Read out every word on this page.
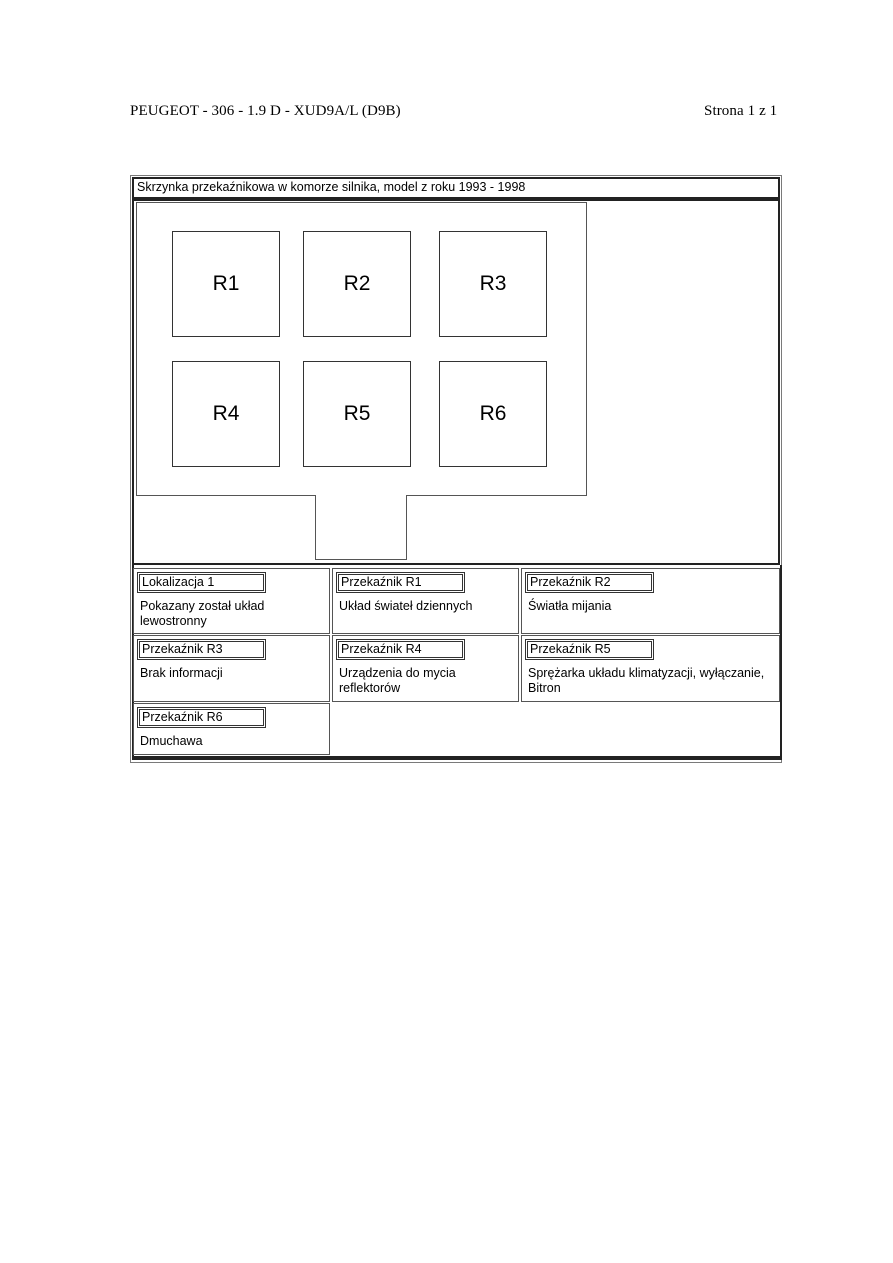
PEUGEOT - 306 - 1.9 D - XUD9A/L (D9B)	Strona 1 z 1
Skrzynka przekaźnikowa w komorze silnika, model z roku 1993 - 1998
R1	R2	R3
R4	R5	R6
Lokalizacja 1
Pokazany został układ lewostronny
Przekaźnik R1
Układ świateł dziennych
Przekaźnik R2
Światła mijania
Przekaźnik R3
Brak informacji
Przekaźnik R4
Urządzenia do mycia reflektorów
Przekaźnik R5
Sprężarka układu klimatyzacji, wyłączanie, Bitron
Przekaźnik R6
Dmuchawa
